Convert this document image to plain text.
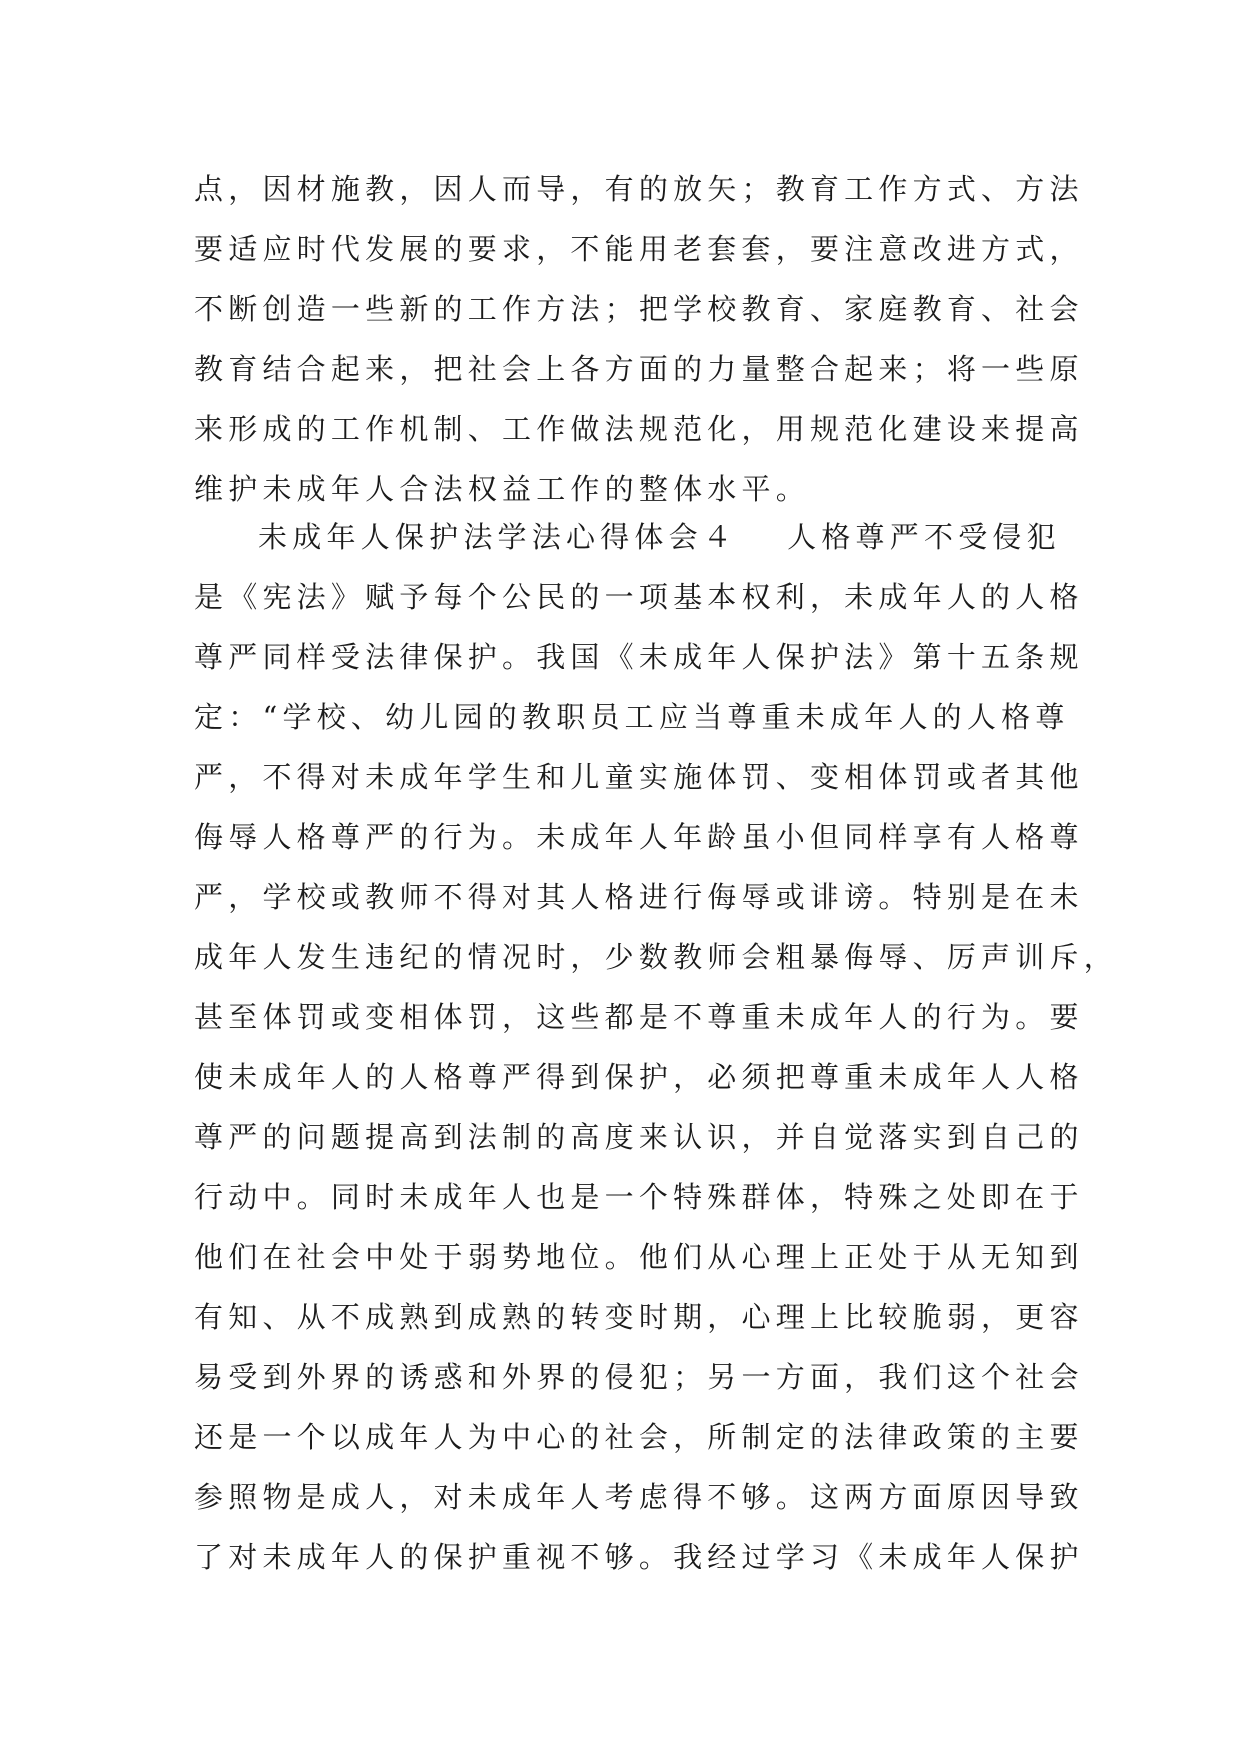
点，因材施教，因人而导，有的放矢；教育工作方式、方法
要适应时代发展的要求，不能用老套套，要注意改进方式，
不断创造一些新的工作方法；把学校教育、家庭教育、社会
教育结合起来，把社会上各方面的力量整合起来；将一些原
来形成的工作机制、工作做法规范化，用规范化建设来提高
维护未成年人合法权益工作的整体水平。
未成年人保护法学法心得体会４ 人格尊严不受侵犯
是《宪法》赋予每个公民的一项基本权利，未成年人的人格
尊严同样受法律保护。我国《未成年人保护法》第十五条规
定：“学校、幼儿园的教职员工应当尊重未成年人的人格尊
严，不得对未成年学生和儿童实施体罚、变相体罚或者其他
侮辱人格尊严的行为。未成年人年龄虽小但同样享有人格尊
严，学校或教师不得对其人格进行侮辱或诽谤。特别是在未
成年人发生违纪的情况时，少数教师会粗暴侮辱、厉声训斥，
甚至体罚或变相体罚，这些都是不尊重未成年人的行为。要
使未成年人的人格尊严得到保护，必须把尊重未成年人人格
尊严的问题提高到法制的高度来认识，并自觉落实到自己的
行动中。同时未成年人也是一个特殊群体，特殊之处即在于
他们在社会中处于弱势地位。他们从心理上正处于从无知到
有知、从不成熟到成熟的转变时期，心理上比较脆弱，更容
易受到外界的诱惑和外界的侵犯；另一方面，我们这个社会
还是一个以成年人为中心的社会，所制定的法律政策的主要
参照物是成人，对未成年人考虑得不够。这两方面原因导致
了对未成年人的保护重视不够。我经过学习《未成年人保护
